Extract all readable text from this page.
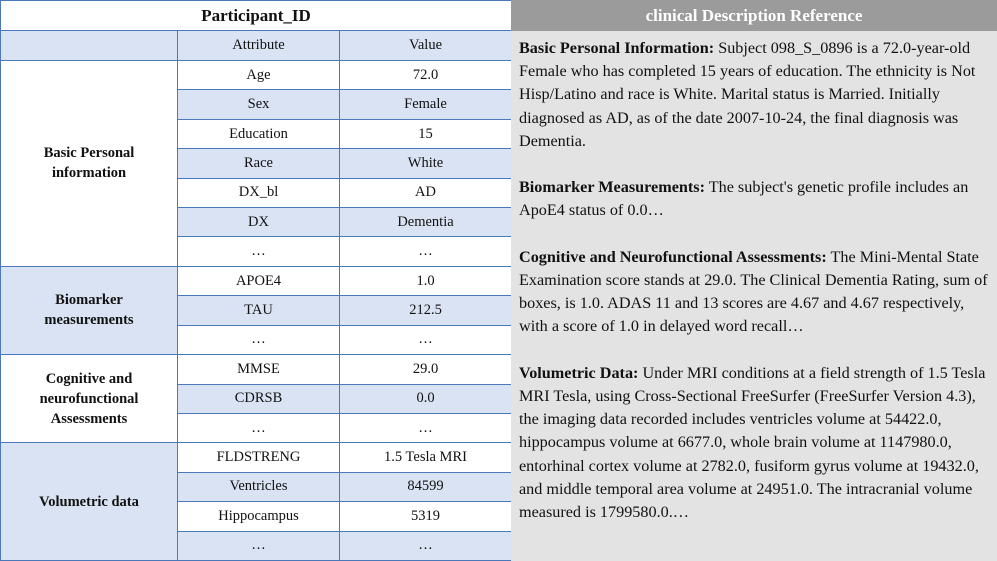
Participant_ID		
	Attribute	Value
Basic Personal information	Age	72.0
	Sex	Female
	Education	15
	Race	White
	DX_bl	AD
	DX	Dementia
	…	…
Biomarker measurements	APOE4	1.0
	TAU	212.5
	…	…
Cognitive and neurofunctional Assessments	MMSE	29.0
	CDRSB	0.0
	…	…
Volumetric data	FLDSTRENG	1.5 Tesla MRI
	Ventricles	84599
	Hippocampus	5319
	…	…
clinical Description Reference

Basic Personal Information: Subject 098_S_0896 is a 72.0-year-old Female who has completed 15 years of education. The ethnicity is Not Hisp/Latino and race is White. Marital status is Married. Initially diagnosed as AD, as of the date 2007-10-24, the final diagnosis was Dementia.

Biomarker Measurements: The subject's genetic profile includes an ApoE4 status of 0.0…

Cognitive and Neurofunctional Assessments: The Mini-Mental State Examination score stands at 29.0. The Clinical Dementia Rating, sum of boxes, is 1.0. ADAS 11 and 13 scores are 4.67 and 4.67 respectively, with a score of 1.0 in delayed word recall…

Volumetric Data: Under MRI conditions at a field strength of 1.5 Tesla MRI Tesla, using Cross-Sectional FreeSurfer (FreeSurfer Version 4.3), the imaging data recorded includes ventricles volume at 54422.0, hippocampus volume at 6677.0, whole brain volume at 1147980.0, entorhinal cortex volume at 2782.0, fusiform gyrus volume at 19432.0, and middle temporal area volume at 24951.0. The intracranial volume measured is 1799580.0.…
